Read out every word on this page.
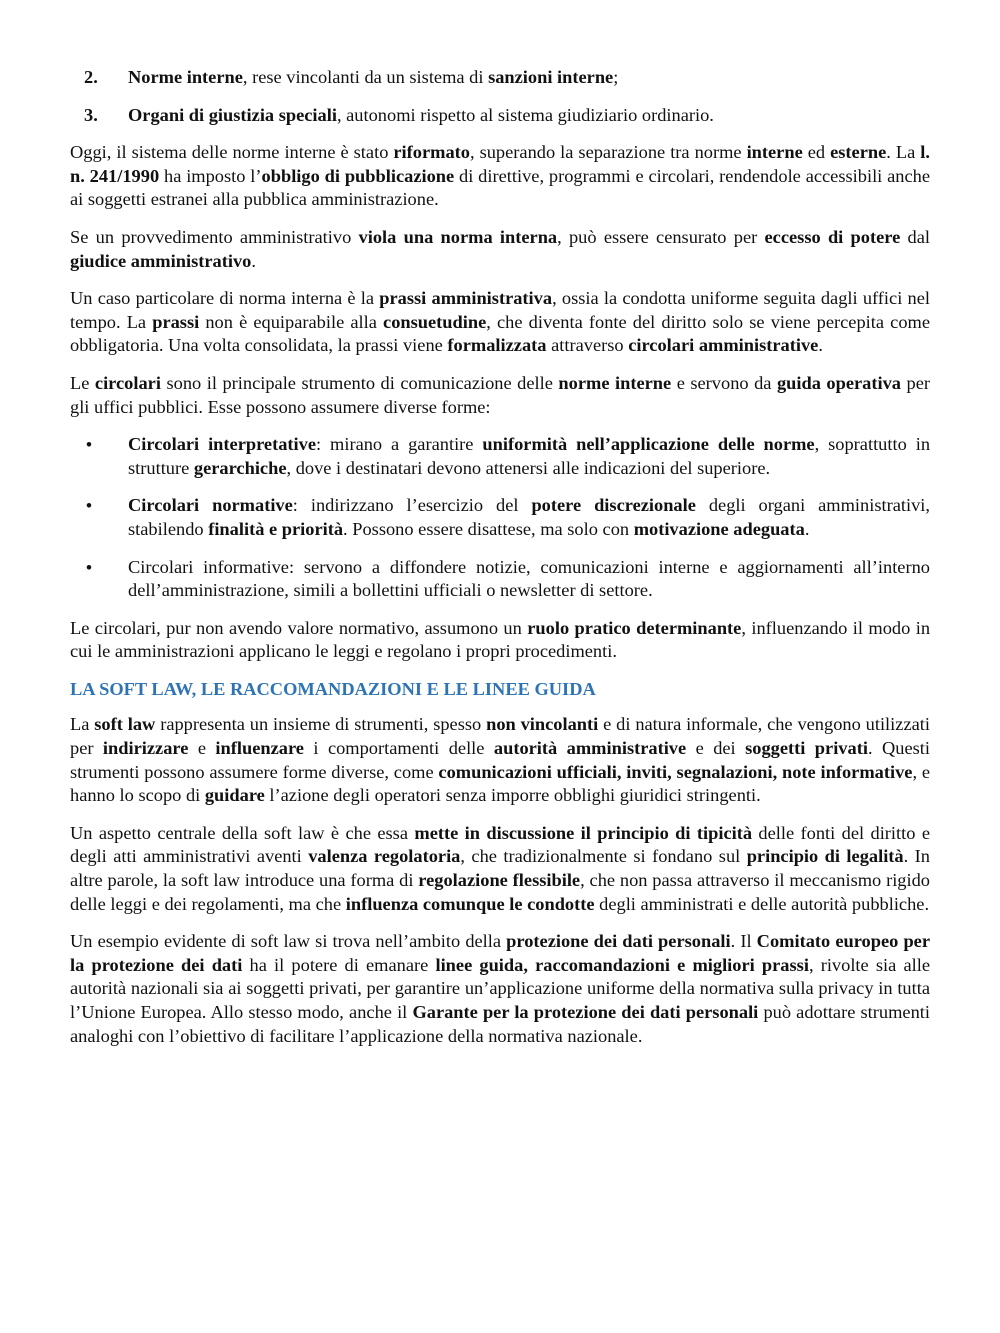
2. Norme interne, rese vincolanti da un sistema di sanzioni interne;
3. Organi di giustizia speciali, autonomi rispetto al sistema giudiziario ordinario.

Oggi, il sistema delle norme interne è stato riformato, superando la separazione tra norme interne ed esterne. La l. n. 241/1990 ha imposto l’obbligo di pubblicazione di direttive, programmi e circolari, rendendole accessibili anche ai soggetti estranei alla pubblica amministrazione.

Se un provvedimento amministrativo viola una norma interna, può essere censurato per eccesso di potere dal giudice amministrativo.

Un caso particolare di norma interna è la prassi amministrativa, ossia la condotta uniforme seguita dagli uffici nel tempo. La prassi non è equiparabile alla consuetudine, che diventa fonte del diritto solo se viene percepita come obbligatoria. Una volta consolidata, la prassi viene formalizzata attraverso circolari amministrative.

Le circolari sono il principale strumento di comunicazione delle norme interne e servono da guida operativa per gli uffici pubblici. Esse possono assumere diverse forme:

• Circolari interpretative: mirano a garantire uniformità nell’applicazione delle norme, soprattutto in strutture gerarchiche, dove i destinatari devono attenersi alle indicazioni del superiore.
• Circolari normative: indirizzano l’esercizio del potere discrezionale degli organi amministrativi, stabilendo finalità e priorità. Possono essere disattese, ma solo con motivazione adeguata.
• Circolari informative: servono a diffondere notizie, comunicazioni interne e aggiornamenti all’interno dell’amministrazione, simili a bollettini ufficiali o newsletter di settore.

Le circolari, pur non avendo valore normativo, assumono un ruolo pratico determinante, influenzando il modo in cui le amministrazioni applicano le leggi e regolano i propri procedimenti.

LA SOFT LAW, LE RACCOMANDAZIONI E LE LINEE GUIDA

La soft law rappresenta un insieme di strumenti, spesso non vincolanti e di natura informale, che vengono utilizzati per indirizzare e influenzare i comportamenti delle autorità amministrative e dei soggetti privati. Questi strumenti possono assumere forme diverse, come comunicazioni ufficiali, inviti, segnalazioni, note informative, e hanno lo scopo di guidare l’azione degli operatori senza imporre obblighi giuridici stringenti.

Un aspetto centrale della soft law è che essa mette in discussione il principio di tipicità delle fonti del diritto e degli atti amministrativi aventi valenza regolatoria, che tradizionalmente si fondano sul principio di legalità. In altre parole, la soft law introduce una forma di regolazione flessibile, che non passa attraverso il meccanismo rigido delle leggi e dei regolamenti, ma che influenza comunque le condotte degli amministrati e delle autorità pubbliche.

Un esempio evidente di soft law si trova nell’ambito della protezione dei dati personali. Il Comitato europeo per la protezione dei dati ha il potere di emanare linee guida, raccomandazioni e migliori prassi, rivolte sia alle autorità nazionali sia ai soggetti privati, per garantire un’applicazione uniforme della normativa sulla privacy in tutta l’Unione Europea. Allo stesso modo, anche il Garante per la protezione dei dati personali può adottare strumenti analoghi con l’obiettivo di facilitare l’applicazione della normativa nazionale.
